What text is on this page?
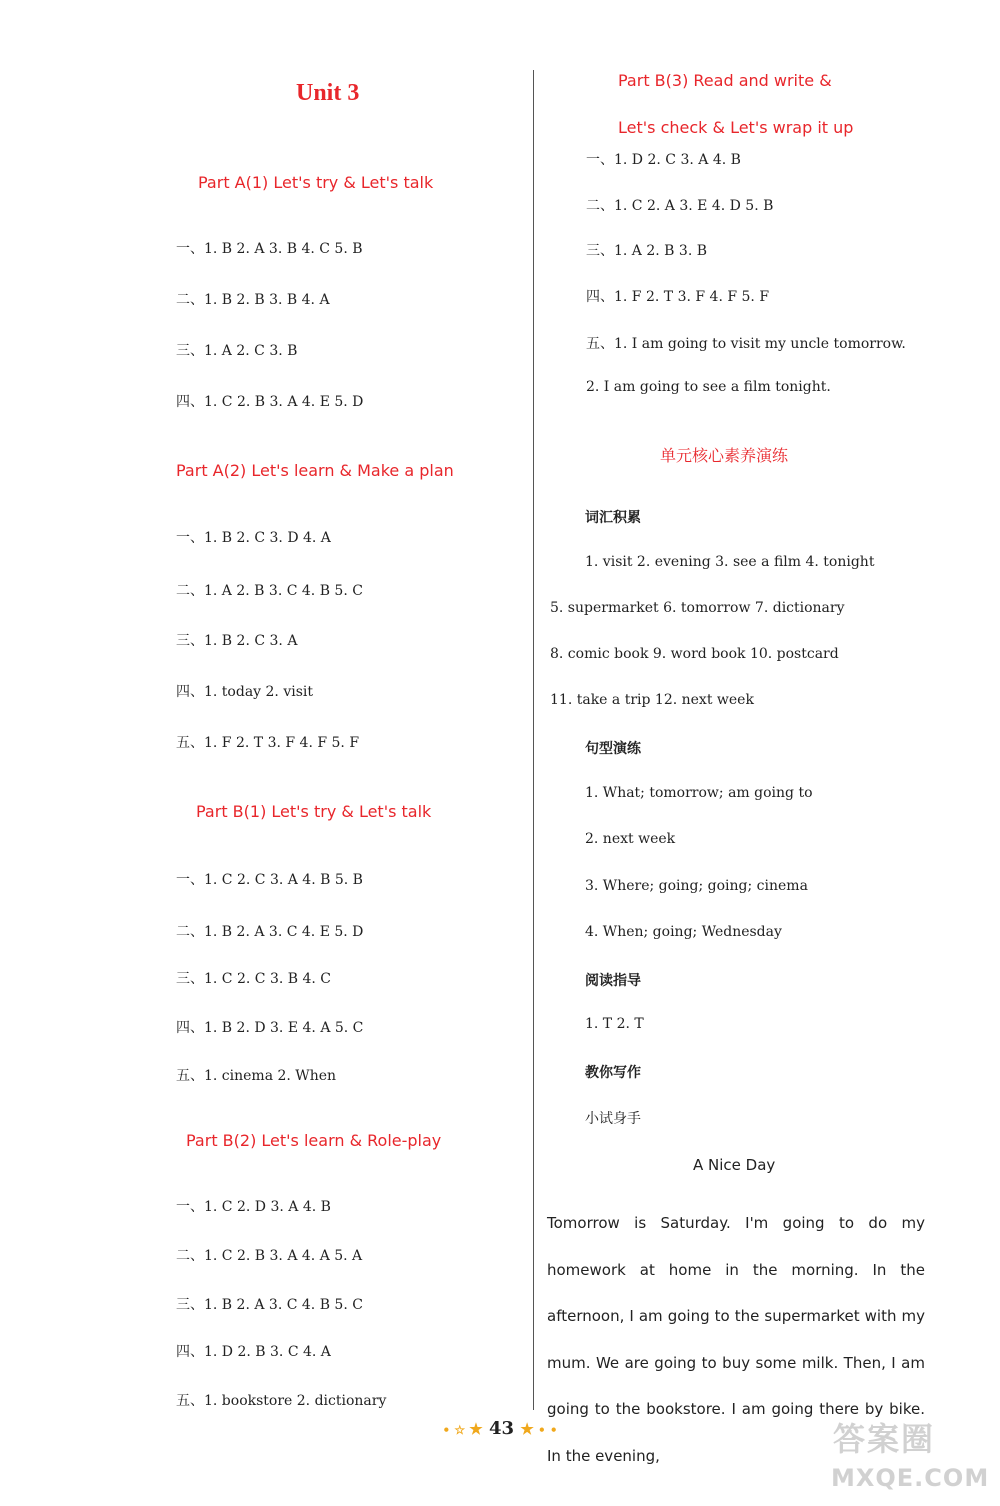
Unit 3
Part A(1) Let's try & Let's talk
一、1. B 2. A 3. B 4. C 5. B
二、1. B 2. B 3. B 4. A
三、1. A 2. C 3. B
四、1. C 2. B 3. A 4. E 5. D
Part A(2) Let's learn & Make a plan
一、1. B 2. C 3. D 4. A
二、1. A 2. B 3. C 4. B 5. C
三、1. B 2. C 3. A
四、1. today 2. visit
五、1. F 2. T 3. F 4. F 5. F
Part B(1) Let's try & Let's talk
一、1. C 2. C 3. A 4. B 5. B
二、1. B 2. A 3. C 4. E 5. D
三、1. C 2. C 3. B 4. C
四、1. B 2. D 3. E 4. A 5. C
五、1. cinema 2. When
Part B(2) Let's learn & Role-play
一、1. C 2. D 3. A 4. B
二、1. C 2. B 3. A 4. A 5. A
三、1. B 2. A 3. C 4. B 5. C
四、1. D 2. B 3. C 4. A
五、1. bookstore 2. dictionary
Part B(3) Read and write &
Let's check & Let's wrap it up
一、1. D 2. C 3. A 4. B
二、1. C 2. A 3. E 4. D 5. B
三、1. A 2. B 3. B
四、1. F 2. T 3. F 4. F 5. F
五、1. I am going to visit my uncle tomorrow.
2. I am going to see a film tonight.
单元核心素养演练
词汇积累
1. visit 2. evening 3. see a film 4. tonight
5. supermarket 6. tomorrow 7. dictionary
8. comic book 9. word book 10. postcard
11. take a trip 12. next week
句型演练
1. What; tomorrow; am going to
2. next week
3. Where; going; going; cinema
4. When; going; Wednesday
阅读指导
1. T 2. T
教你写作
小试身手
A Nice Day
Tomorrow is Saturday. I'm going to do my homework at home in the morning. In the afternoon, I am going to the supermarket with my mum. We are going to buy some milk. Then, I am going to the bookstore. I am going there by bike. In the evening,
• ☆ ★ 43 ★ • •	答案圈
MXQE.COM
